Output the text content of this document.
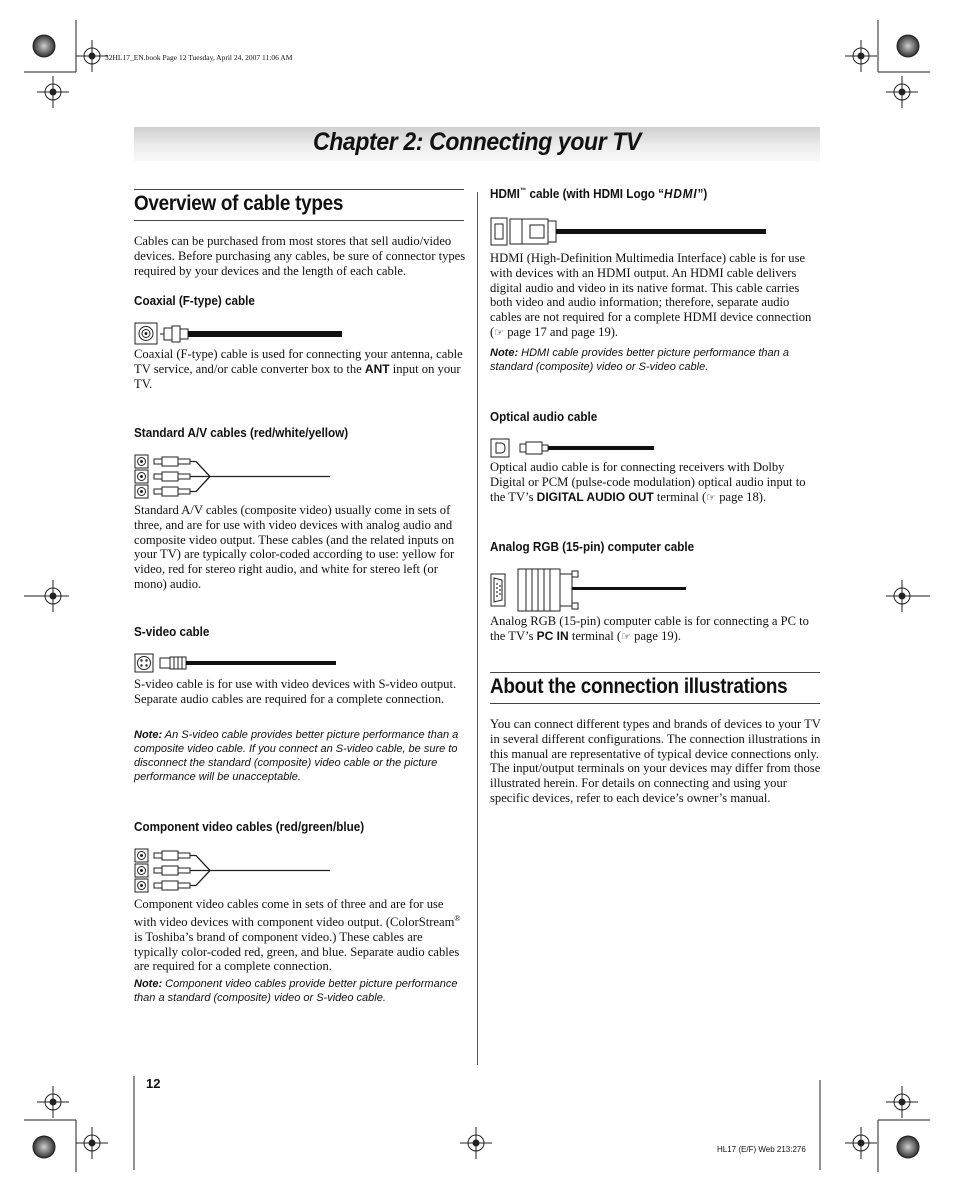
32HL17_EN.book Page 12 Tuesday, April 24, 2007 11:06 AM
Chapter 2: Connecting your TV
Overview of cable types
Cables can be purchased from most stores that sell audio/video devices. Before purchasing any cables, be sure of connector types required by your devices and the length of each cable.
Coaxial (F-type) cable
Coaxial (F-type) cable is used for connecting your antenna, cable TV service, and/or cable converter box to the ANT input on your TV.
Standard A/V cables (red/white/yellow)
Standard A/V cables (composite video) usually come in sets of three, and are for use with video devices with analog audio and composite video output. These cables (and the related inputs on your TV) are typically color-coded according to use: yellow for video, red for stereo right audio, and white for stereo left (or mono) audio.
S-video cable
S-video cable is for use with video devices with S-video output. Separate audio cables are required for a complete connection.
Note: An S-video cable provides better picture performance than a composite video cable. If you connect an S-video cable, be sure to disconnect the standard (composite) video cable or the picture performance will be unacceptable.
Component video cables (red/green/blue)
Component video cables come in sets of three and are for use with video devices with component video output. (ColorStream® is Toshiba’s brand of component video.) These cables are typically color-coded red, green, and blue. Separate audio cables are required for a complete connection.
Note: Component video cables provide better picture performance than a standard (composite) video or S-video cable.
HDMI™ cable (with HDMI Logo “HDMI”)
HDMI (High-Definition Multimedia Interface) cable is for use with devices with an HDMI output. An HDMI cable delivers digital audio and video in its native format. This cable carries both video and audio information; therefore, separate audio cables are not required for a complete HDMI device connection (☞ page 17 and page 19).
Note: HDMI cable provides better picture performance than a standard (composite) video or S-video cable.
Optical audio cable
Optical audio cable is for connecting receivers with Dolby Digital or PCM (pulse-code modulation) optical audio input to the TV’s DIGITAL AUDIO OUT terminal (☞ page 18).
Analog RGB (15-pin) computer cable
Analog RGB (15-pin) computer cable is for connecting a PC to the TV’s PC IN terminal (☞ page 19).
About the connection illustrations
You can connect different types and brands of devices to your TV in several different configurations. The connection illustrations in this manual are representative of typical device connections only. The input/output terminals on your devices may differ from those illustrated herein. For details on connecting and using your specific devices, refer to each device’s owner’s manual.
12
HL17 (E/F) Web 213:276
